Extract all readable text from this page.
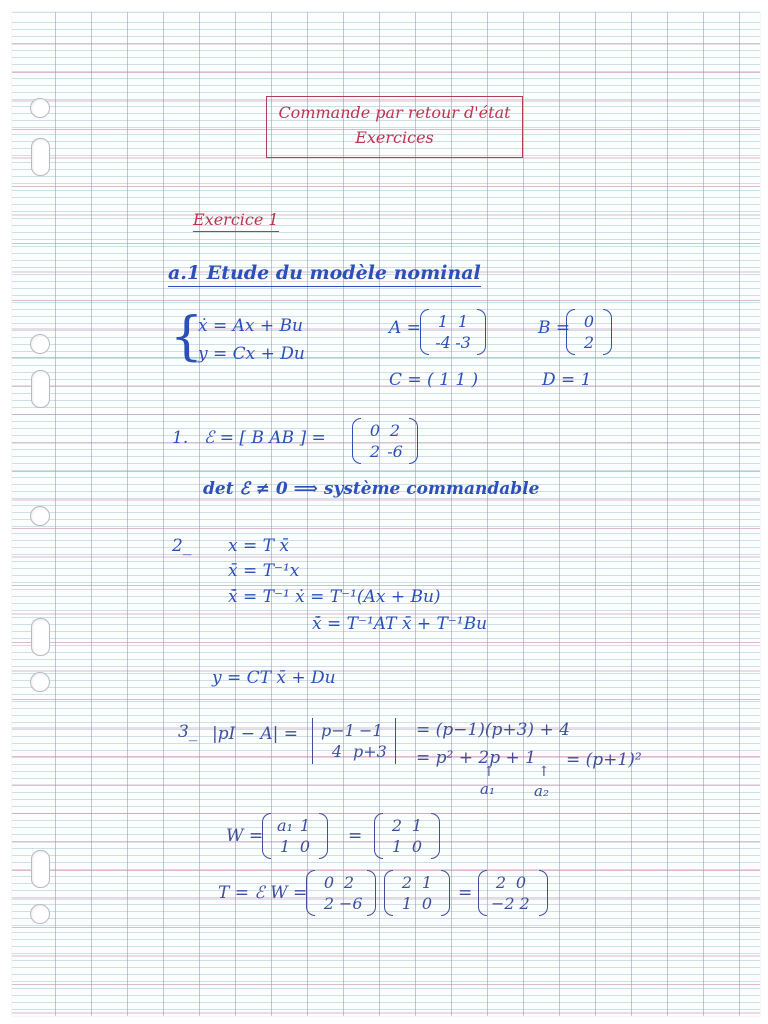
Commande par retour d'état
Exercices
Exercice 1
a.1 Etude du modèle nominal
{
ẋ = Ax + Bu
y = Cx + Du
A =	1 1
-4 -3
B = 0
2
C = ( 1 1 )	D = 1
1. ℰ = [ B AB ] =	0 2
2 -6
det ℰ ≠ 0 ⟹ système commandable
2_ x = T x̄
x̄ = T⁻¹x
ẋ̄ = T⁻¹ ẋ = T⁻¹(Ax + Bu)
ẋ̄ = T⁻¹AT x̄ + T⁻¹Bu
y = CT x̄ + Du
3_ |pI − A| = p−1 −1
4 p+3
= (p−1)(p+3) + 4
= p² + 2p + 1 = (p+1)²
↑	↑
a₁	a₂
W =
a₁ 1
1 0
=
2 1
1 0
T = ℰ W =
0 2
2 −6
2 1
1 0
=
2 0
−2 2
